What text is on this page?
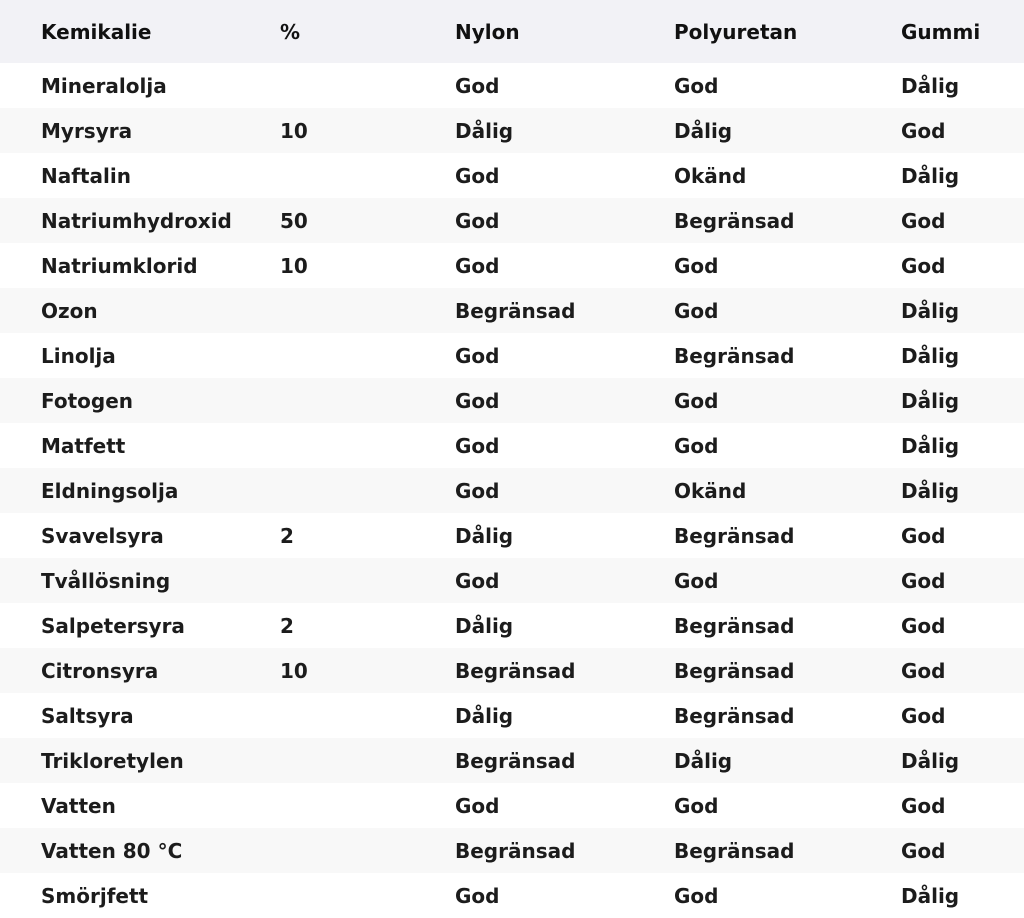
Kemikalie	%	Nylon	Polyuretan	Gummi
Mineralolja		God	God	Dålig
Myrsyra	10	Dålig	Dålig	God
Naftalin		God	Okänd	Dålig
Natriumhydroxid	50	God	Begränsad	God
Natriumklorid	10	God	God	God
Ozon		Begränsad	God	Dålig
Linolja		God	Begränsad	Dålig
Fotogen		God	God	Dålig
Matfett		God	God	Dålig
Eldningsolja		God	Okänd	Dålig
Svavelsyra	2	Dålig	Begränsad	God
Tvållösning		God	God	God
Salpetersyra	2	Dålig	Begränsad	God
Citronsyra	10	Begränsad	Begränsad	God
Saltsyra		Dålig	Begränsad	God
Trikloretylen		Begränsad	Dålig	Dålig
Vatten		God	God	God
Vatten 80 °C		Begränsad	Begränsad	God
Smörjfett		God	God	Dålig
